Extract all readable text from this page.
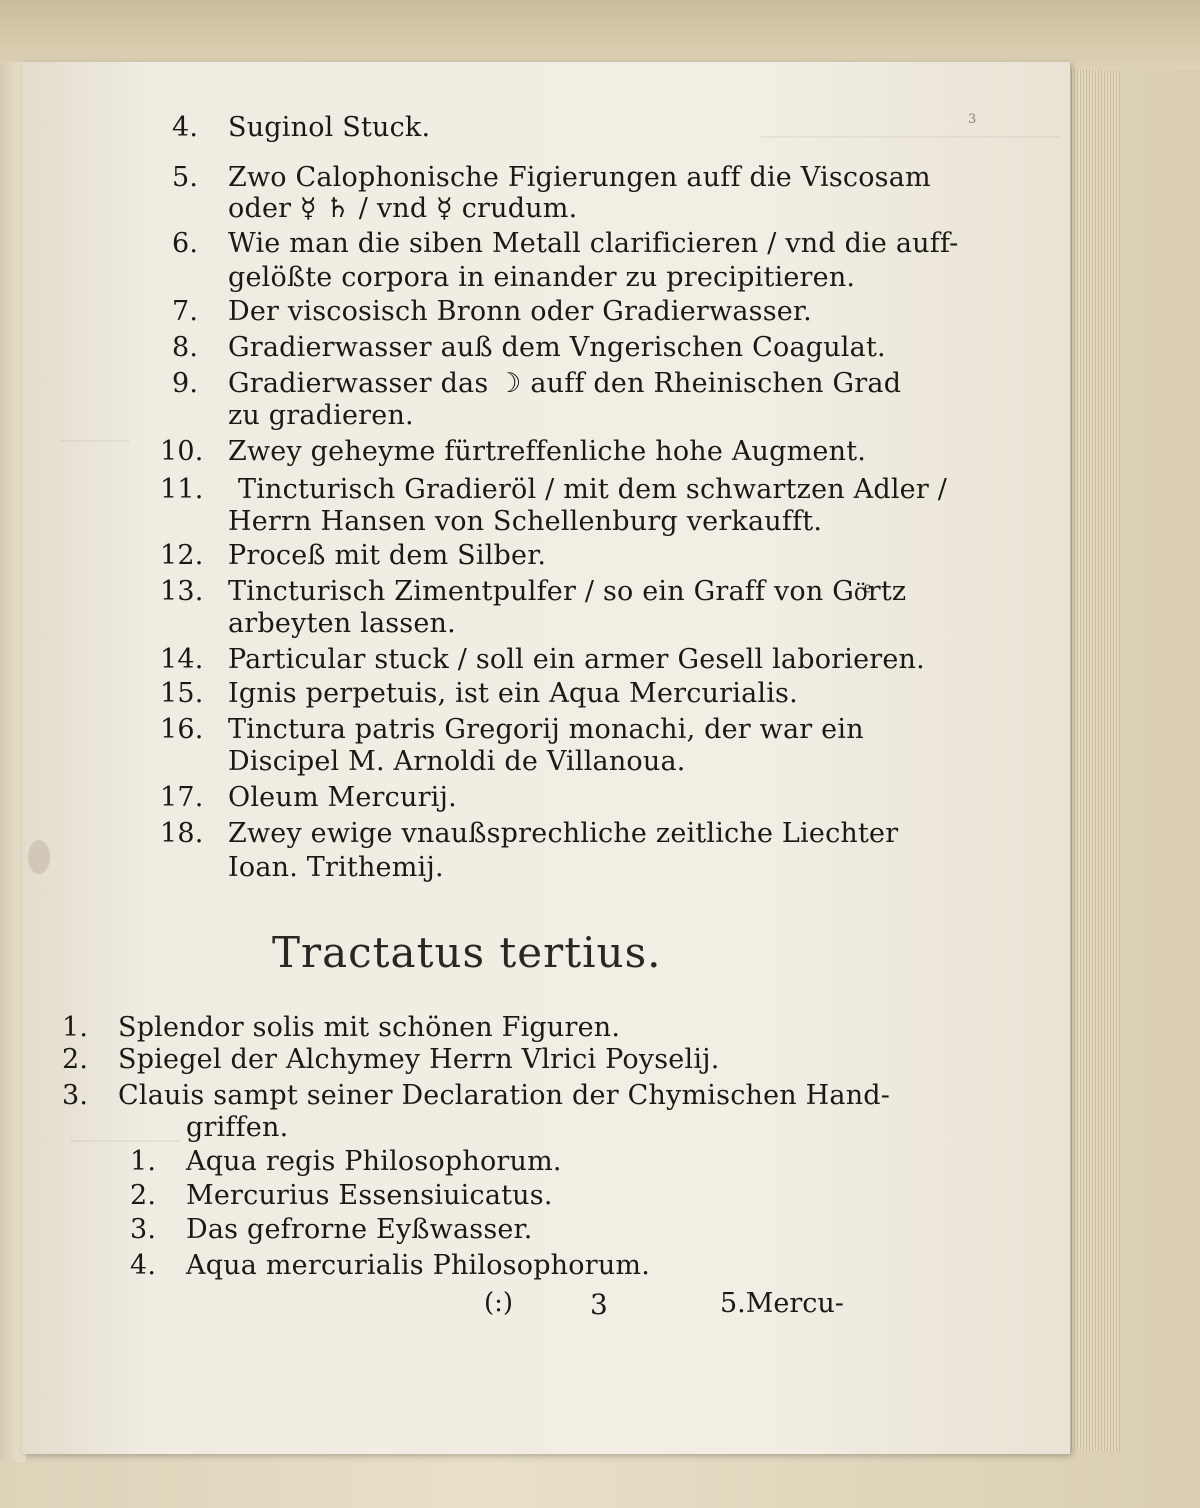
3
4. Suginol Stuck.
5. Zwo Calophonische Figierungen auff die Viscosam
oder ☿ ♄ / vnd ☿ crudum.
6. Wie man die siben Metall clarificieren / vnd die auff-
gelößte corpora in einander zu precipitieren.
7. Der viscosisch Bronn oder Gradierwasser.
8. Gradierwasser auß dem Vngerischen Coagulat.
9. Gradierwasser das ☽ auff den Rheinischen Grad
zu gradieren.
10. Zwey geheyme fürtreffenliche hohe Augment.
11. Tincturisch Gradieröl / mit dem schwartzen Adler /
Herrn Hansen von Schellenburg verkaufft.
12. Proceß mit dem Silber.
13. Tincturisch Zimentpulfer / so ein Graff von Göͤrtz
arbeyten lassen.
14. Particular stuck / soll ein armer Gesell laborieren.
15. Ignis perpetuis, ist ein Aqua Mercurialis.
16. Tinctura patris Gregorij monachi, der war ein
Discipel M. Arnoldi de Villanoua.
17. Oleum Mercurij.
18. Zwey ewige vnaußsprechliche zeitliche Liechter
Ioan. Trithemij.
Tractatus tertius.
1. Splendor solis mit schönen Figuren.
2. Spiegel der Alchymey Herrn Vlrici Poyselij.
3. Clauis sampt seiner Declaration der Chymischen Hand-
griffen.
1. Aqua regis Philosophorum.
2. Mercurius Essensiuicatus.
3. Das gefrorne Eyßwasser.
4. Aqua mercurialis Philosophorum.
(:)	3	5.Mercu-
